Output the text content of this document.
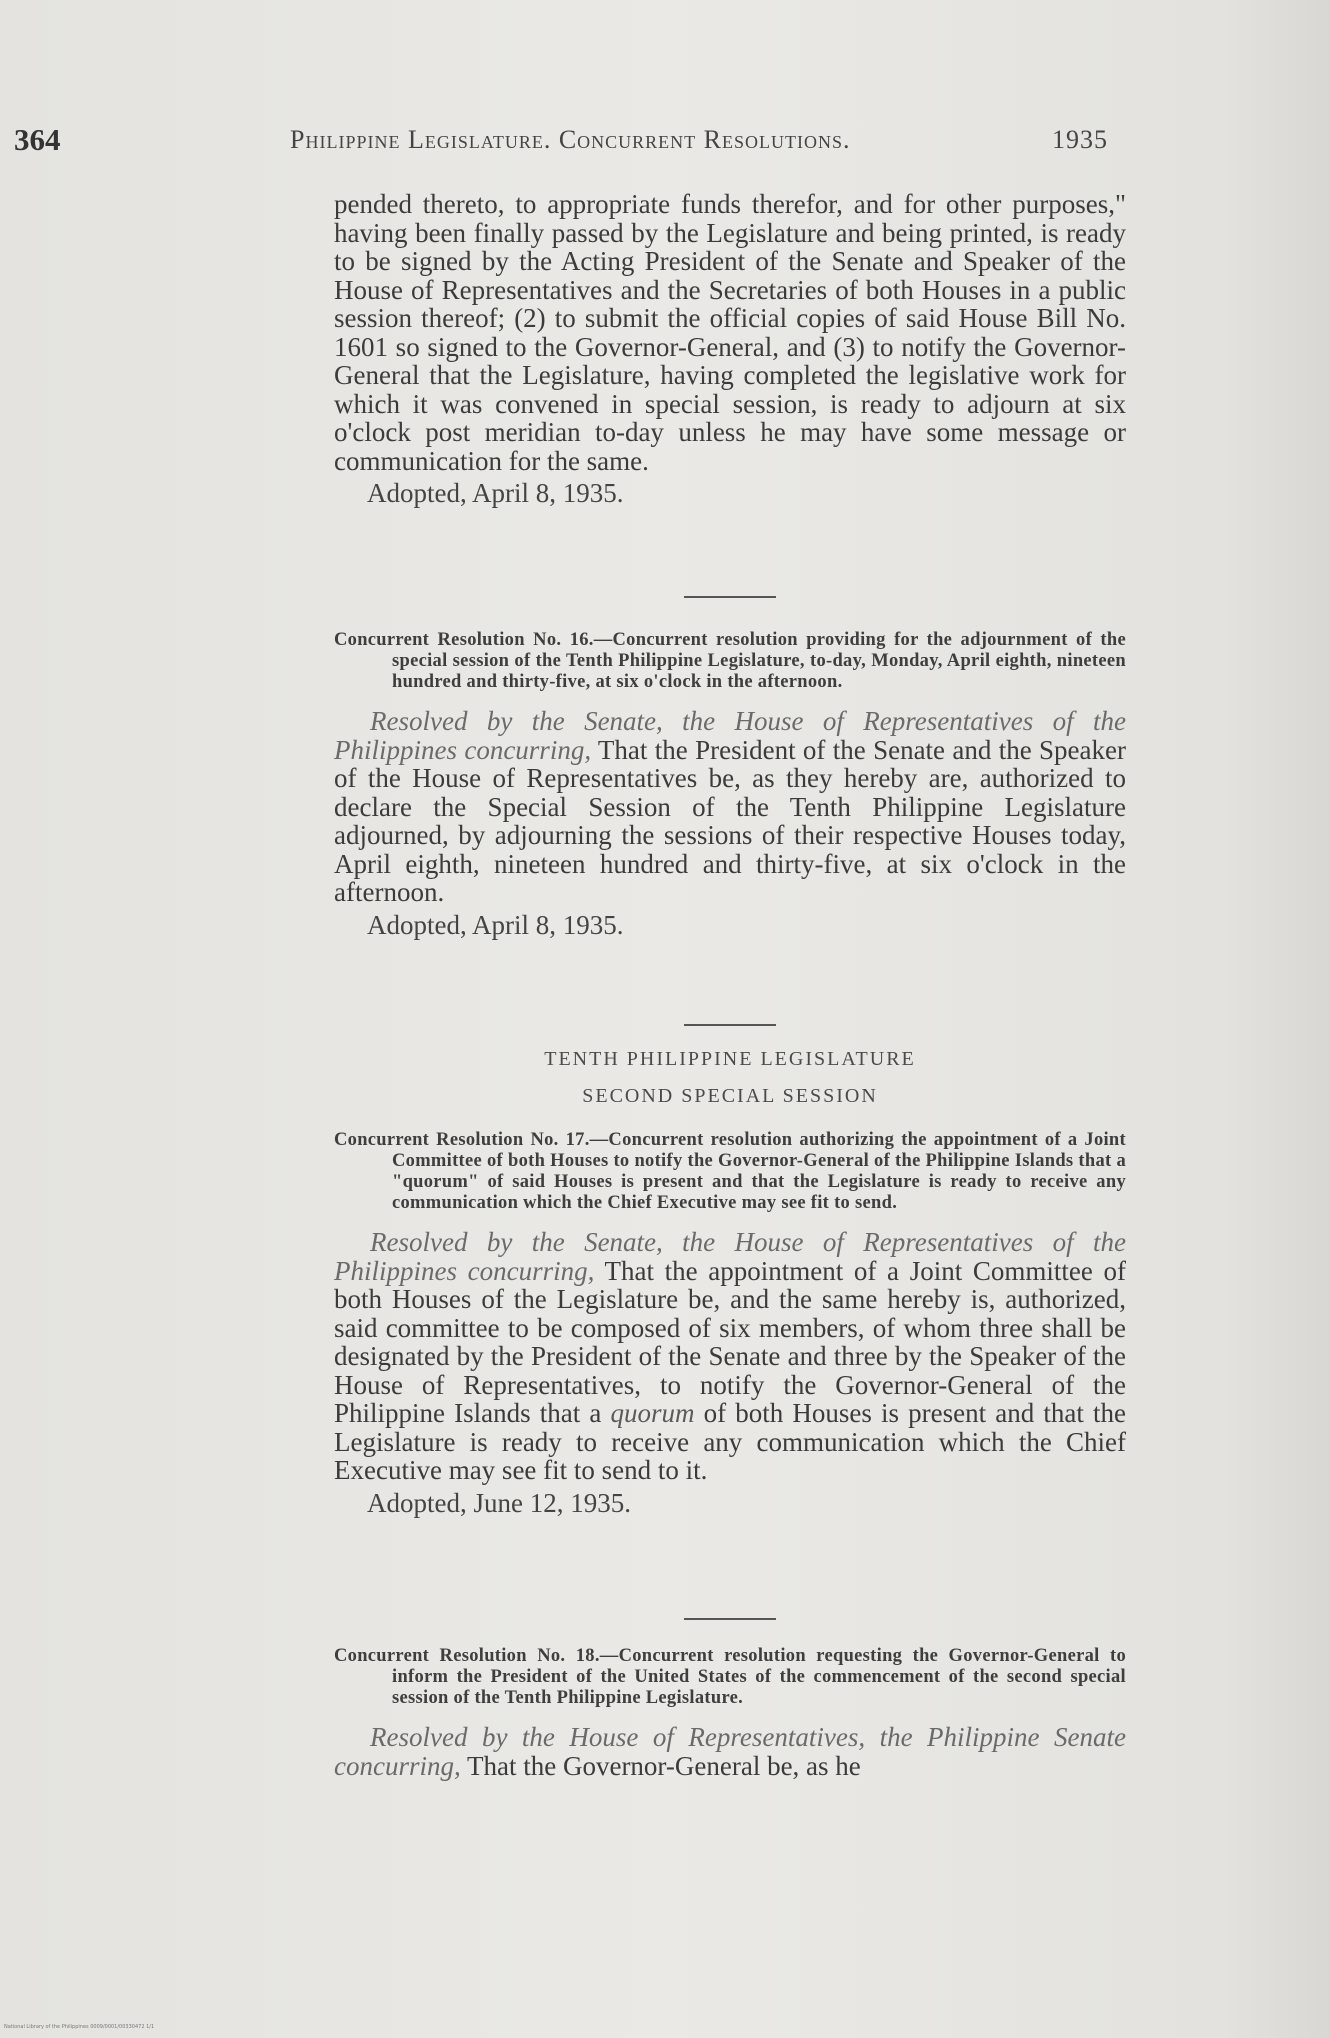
364	Philippine Legislature. Concurrent Resolutions.	1935

pended thereto, to appropriate funds therefor, and for other purposes," having been finally passed by the Legislature and being printed, is ready to be signed by the Acting President of the Senate and Speaker of the House of Representatives and the Secretaries of both Houses in a public session thereof; (2) to submit the official copies of said House Bill No. 1601 so signed to the Governor-General, and (3) to notify the Governor-General that the Legislature, having completed the legislative work for which it was convened in special session, is ready to adjourn at six o'clock post meridian to-day unless he may have some message or communication for the same.

Adopted, April 8, 1935.

Concurrent Resolution No. 16.—Concurrent resolution providing for the adjournment of the special session of the Tenth Philippine Legislature, to-day, Monday, April eighth, nineteen hundred and thirty-five, at six o'clock in the afternoon.

Resolved by the Senate, the House of Representatives of the Philippines concurring, That the President of the Senate and the Speaker of the House of Representatives be, as they hereby are, authorized to declare the Special Session of the Tenth Philippine Legislature adjourned, by adjourning the sessions of their respective Houses today, April eighth, nineteen hundred and thirty-five, at six o'clock in the afternoon.

Adopted, April 8, 1935.

TENTH PHILIPPINE LEGISLATURE

SECOND SPECIAL SESSION

Concurrent Resolution No. 17.—Concurrent resolution authorizing the appointment of a Joint Committee of both Houses to notify the Governor-General of the Philippine Islands that a "quorum" of said Houses is present and that the Legislature is ready to receive any communication which the Chief Executive may see fit to send.

Resolved by the Senate, the House of Representatives of the Philippines concurring, That the appointment of a Joint Committee of both Houses of the Legislature be, and the same hereby is, authorized, said committee to be composed of six members, of whom three shall be designated by the President of the Senate and three by the Speaker of the House of Representatives, to notify the Governor-General of the Philippine Islands that a quorum of both Houses is present and that the Legislature is ready to receive any communication which the Chief Executive may see fit to send to it.

Adopted, June 12, 1935.

Concurrent Resolution No. 18.—Concurrent resolution requesting the Governor-General to inform the President of the United States of the commencement of the second special session of the Tenth Philippine Legislature.

Resolved by the House of Representatives, the Philippine Senate concurring, That the Governor-General be, as he

National Library of the Philippines 0009/0001/00330472 1/1
